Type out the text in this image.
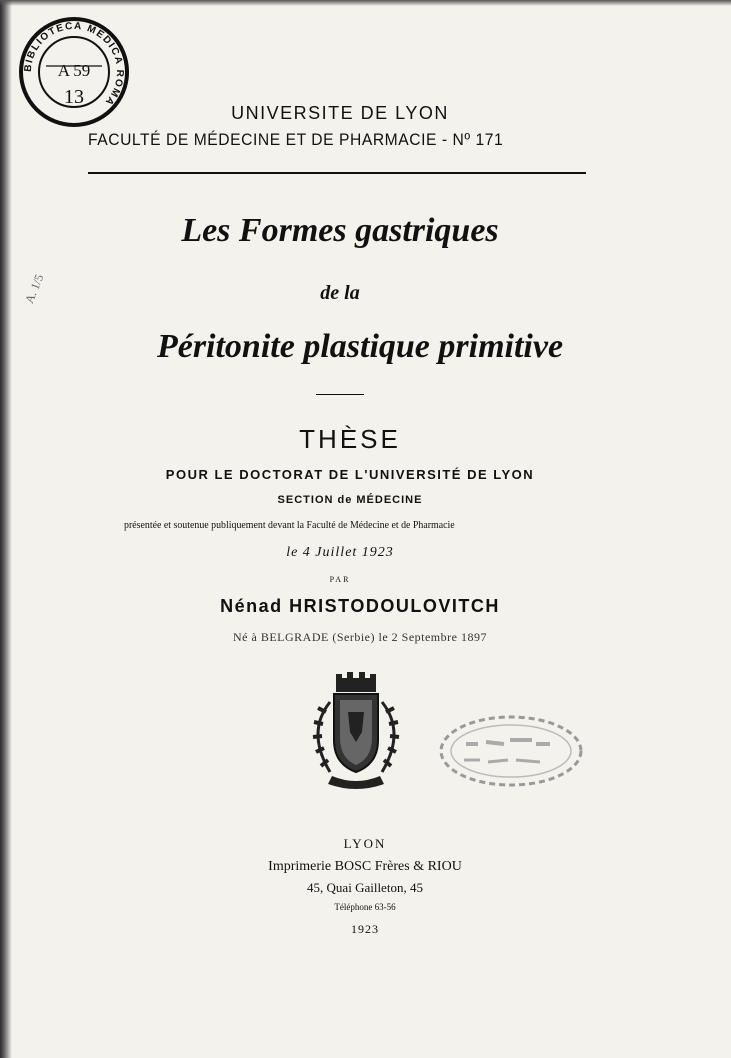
BIBLIOTECA MEDICA ROMA
A 59
13
A. 1/5
UNIVERSITE DE LYON
FACULTÉ DE MÉDECINE ET DE PHARMACIE - Nº 171
Les Formes gastriques
de la
Péritonite plastique primitive
THÈSE
POUR LE DOCTORAT DE L'UNIVERSITÉ DE LYON
SECTION de MÉDECINE
présentée et soutenue publiquement devant la Faculté de Médecine et de Pharmacie
le 4 Juillet 1923
PAR
Nénad HRISTODOULOVITCH
Né à BELGRADE (Serbie) le 2 Septembre 1897
LYON
Imprimerie BOSC Frères & RIOU
45, Quai Gailleton, 45
Téléphone 63-56
1923
